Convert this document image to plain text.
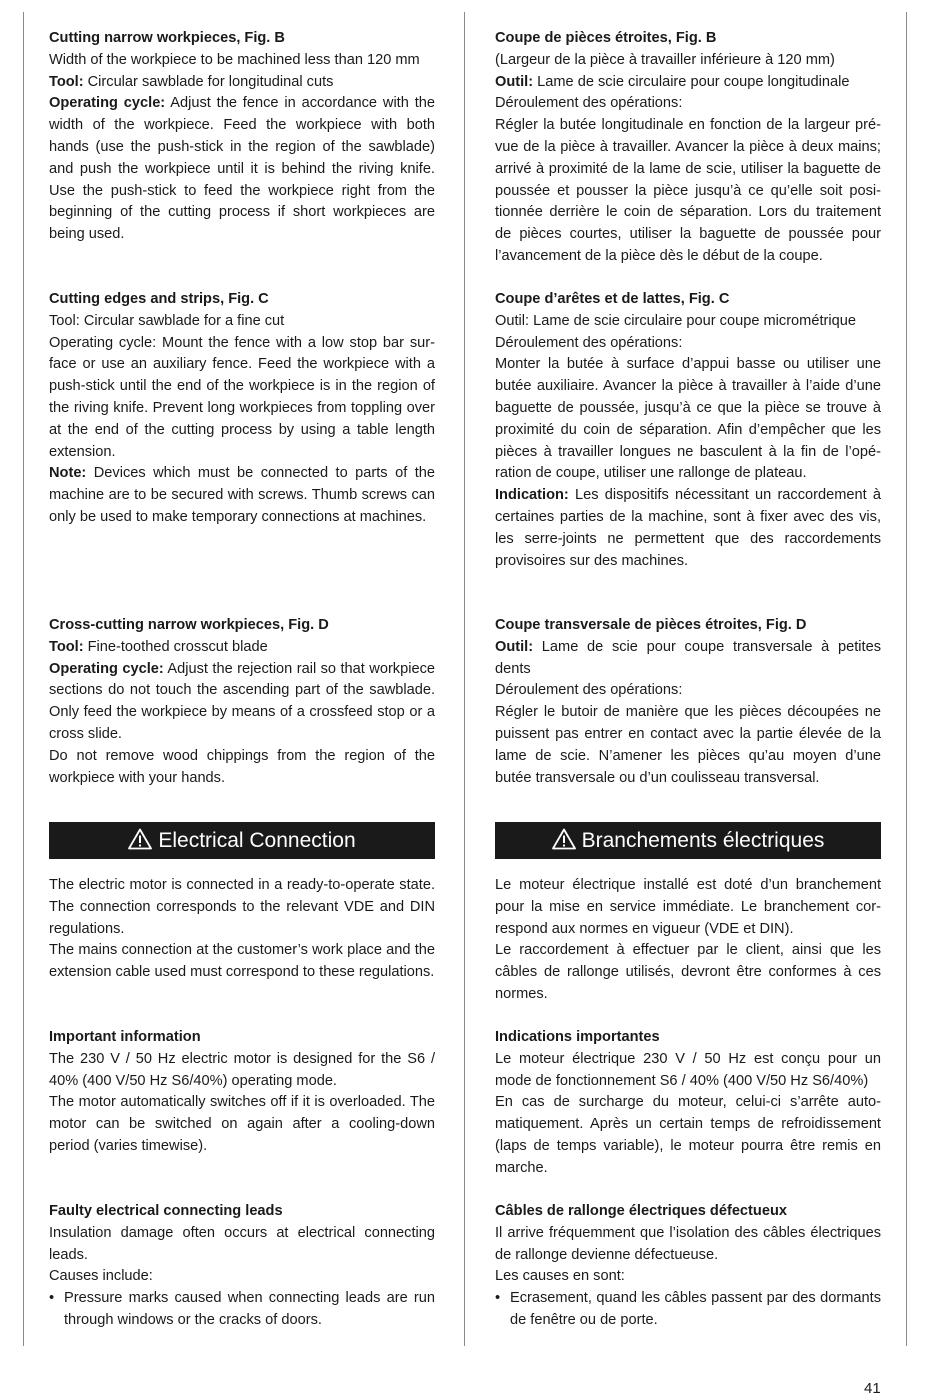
Cutting narrow workpieces, Fig. B

Width of the workpiece to be machined less than 120 mm

Tool: Circular sawblade for longitudinal cuts

Operating cycle: Adjust the fence in accordance with the width of the workpiece. Feed the workpiece with both hands (use the push-stick in the region of the sawblade) and push the workpiece until it is behind the riving knife. Use the push-stick to feed the workpiece right from the beginning of the cutting process if short workpieces are being used.

Cutting edges and strips, Fig. C

Tool: Circular sawblade for a fine cut

Operating cycle: Mount the fence with a low stop bar surface or use an auxiliary fence. Feed the workpiece with a push-stick until the end of the workpiece is in the region of the riving knife. Prevent long workpieces from toppling over at the end of the cutting process by using a table length extension.

Note: Devices which must be connected to parts of the machine are to be secured with screws. Thumb screws can only be used to make temporary connections at machines.

Cross-cutting narrow workpieces, Fig. D

Tool: Fine-toothed crosscut blade

Operating cycle: Adjust the rejection rail so that workpiece sections do not touch the ascending part of the sawblade. Only feed the workpiece by means of a crossfeed stop or a cross slide.

Do not remove wood chippings from the region of the workpiece with your hands.

Electrical Connection

The electric motor is connected in a ready-to-operate state. The connection corresponds to the relevant VDE and DIN regulations.

The mains connection at the customer’s work place and the extension cable used must correspond to these regulations.

Important information

The 230 V / 50 Hz electric motor is designed for the S6 / 40% (400 V/50 Hz S6/40%) operating mode.

The motor automatically switches off if it is overloaded. The motor can be switched on again after a cooling-down period (varies timewise).

Faulty electrical connecting leads

Insulation damage often occurs at electrical connecting leads.

Causes include:

• Pressure marks caused when connecting leads are run through windows or the cracks of doors.

Coupe de pièces étroites, Fig. B

(Largeur de la pièce à travailler inférieure à 120 mm)

Outil: Lame de scie circulaire pour coupe longitudinale

Déroulement des opérations:

Régler la butée longitudinale en fonction de la largeur prévue de la pièce à travailler. Avancer la pièce à deux mains; arrivé à proximité de la lame de scie, utiliser la baguette de poussée et pousser la pièce jusqu’à ce qu’elle soit positionnée derrière le coin de séparation. Lors du traitement de pièces courtes, utiliser la baguette de poussée pour l’avancement de la pièce dès le début de la coupe.

Coupe d’arêtes et de lattes, Fig. C

Outil: Lame de scie circulaire pour coupe micrométrique

Déroulement des opérations:

Monter la butée à surface d’appui basse ou utiliser une butée auxiliaire. Avancer la pièce à travailler à l’aide d’une baguette de poussée, jusqu’à ce que la pièce se trouve à proximité du coin de séparation. Afin d’empêcher que les pièces à travailler longues ne basculent à la fin de l’opération de coupe, utiliser une rallonge de plateau.

Indication: Les dispositifs nécessitant un raccordement à certaines parties de la machine, sont à fixer avec des vis, les serre-joints ne permettent que des raccordements provisoires sur des machines.

Coupe transversale de pièces étroites, Fig. D

Outil: Lame de scie pour coupe transversale à petites dents

Déroulement des opérations:

Régler le butoir de manière que les pièces découpées ne puissent pas entrer en contact avec la partie élevée de la lame de scie. N’amener les pièces qu’au moyen d’une butée transversale ou d’un coulisseau transversal.

Branchements électriques

Le moteur électrique installé est doté d’un branchement pour la mise en service immédiate. Le branchement correspond aux normes en vigueur (VDE et DIN).

Le raccordement à effectuer par le client, ainsi que les câbles de rallonge utilisés, devront être conformes à ces normes.

Indications importantes

Le moteur électrique 230 V / 50 Hz est conçu pour un mode de fonctionnement S6 / 40% (400 V/50 Hz S6/40%)

En cas de surcharge du moteur, celui-ci s’arrête automatiquement. Après un certain temps de refroidissement (laps de temps variable), le moteur pourra être remis en marche.

Câbles de rallonge électriques défectueux

Il arrive fréquemment que l’isolation des câbles électriques de rallonge devienne défectueuse.

Les causes en sont:

• Ecrasement, quand les câbles passent par des dormants de fenêtre ou de porte.
41
